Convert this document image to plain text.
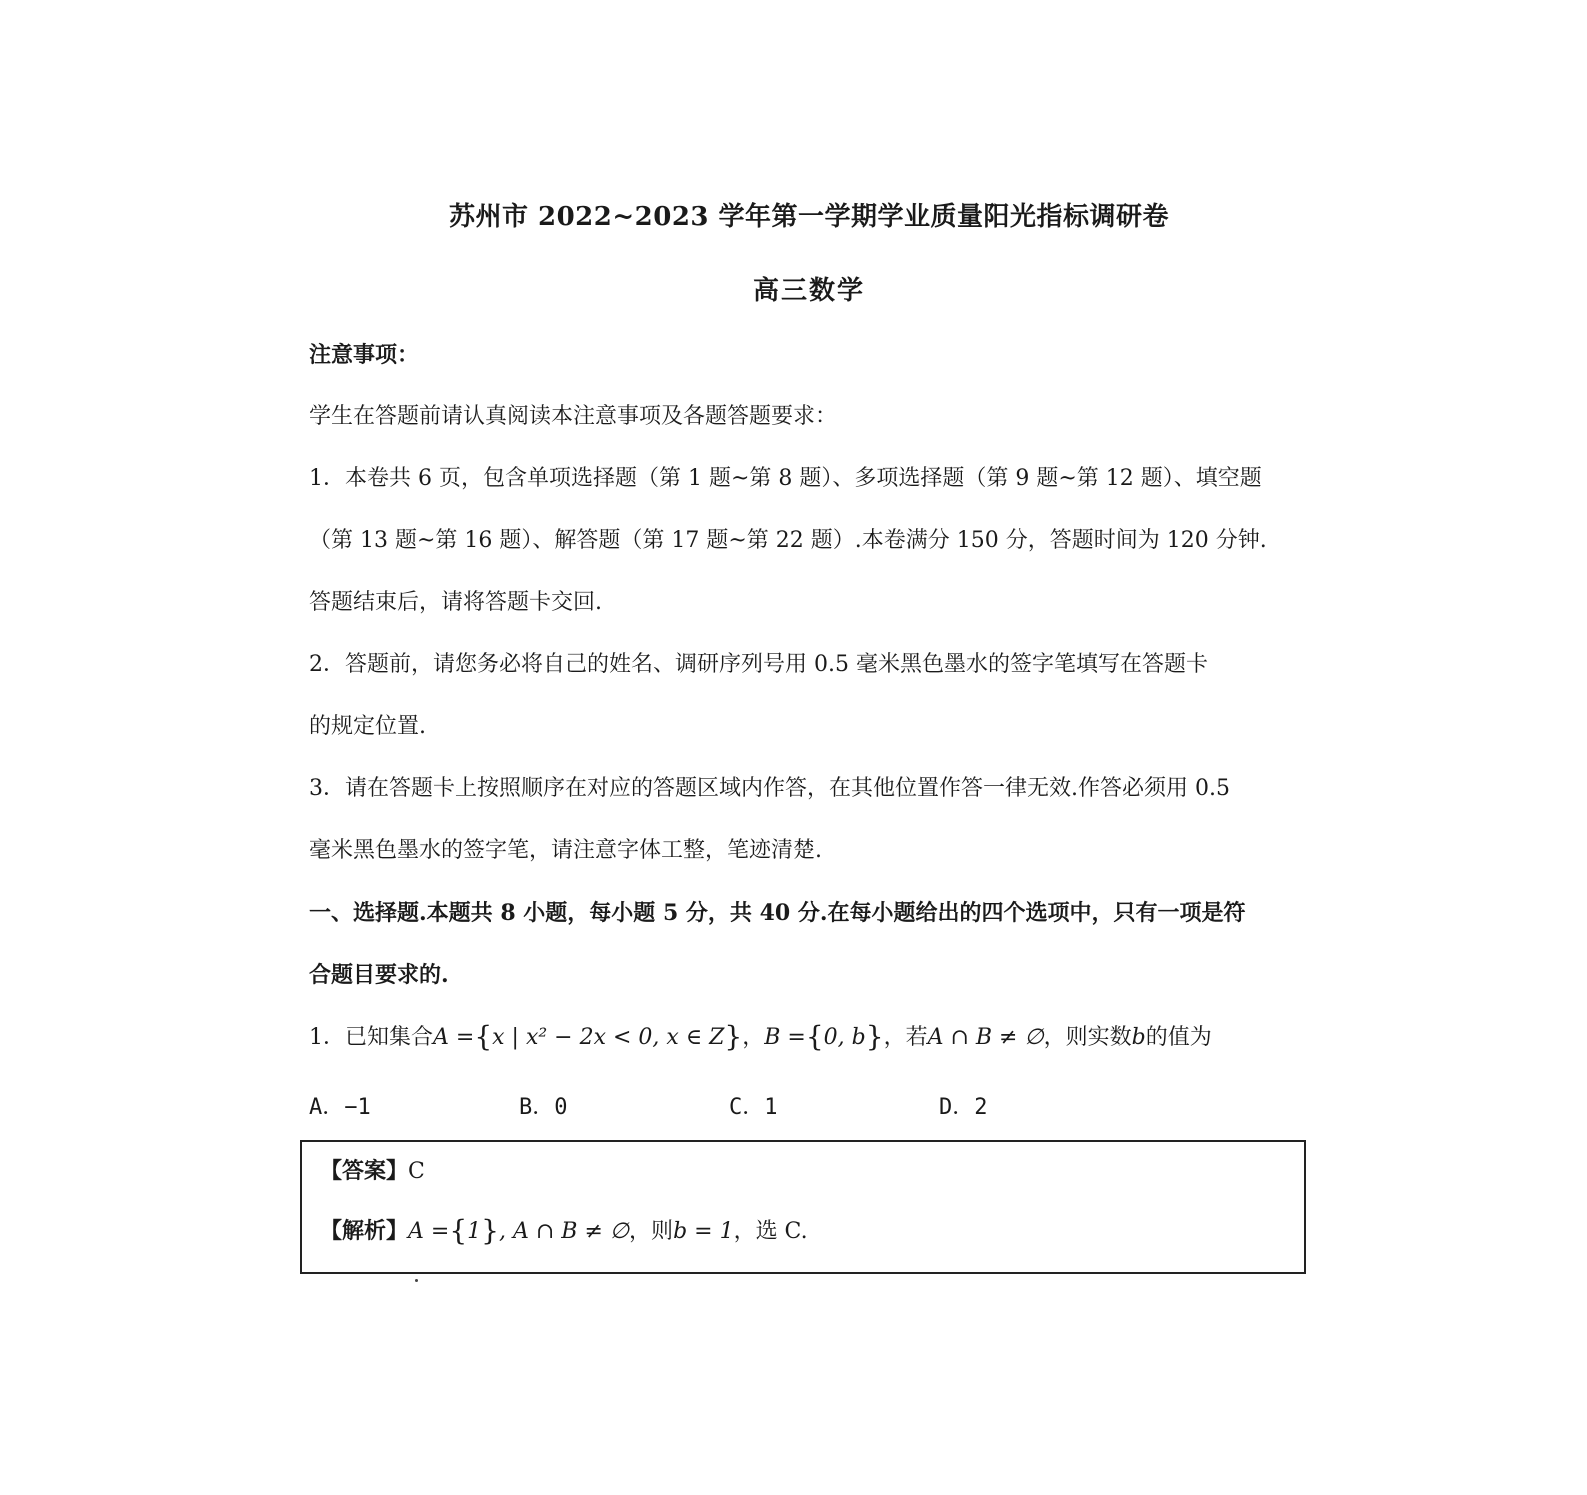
苏州市 2022~2023 学年第一学期学业质量阳光指标调研卷
高三数学
注意事项：
学生在答题前请认真阅读本注意事项及各题答题要求：
1．本卷共 6 页，包含单项选择题（第 1 题~第 8 题）、多项选择题（第 9 题~第 12 题）、填空题
（第 13 题~第 16 题）、解答题（第 17 题~第 22 题）.本卷满分 150 分，答题时间为 120 分钟.
答题结束后，请将答题卡交回.
2．答题前，请您务必将自己的姓名、调研序列号用 0.5 毫米黑色墨水的签字笔填写在答题卡
的规定位置.
3．请在答题卡上按照顺序在对应的答题区域内作答，在其他位置作答一律无效.作答必须用 0.5
毫米黑色墨水的签字笔，请注意字体工整，笔迹清楚.
一、选择题.本题共 8 小题，每小题 5 分，共 40 分.在每小题给出的四个选项中，只有一项是符
合题目要求的.
1．已知集合A ={x | x² − 2x < 0, x ∈ Z}，B ={0, b}，若A ∩ B ≠ ∅，则实数b的值为
A．−1	B．0	C．1	D．2
【答案】C
【解析】A ={1}, A ∩ B ≠ ∅，则b = 1，选 C.
